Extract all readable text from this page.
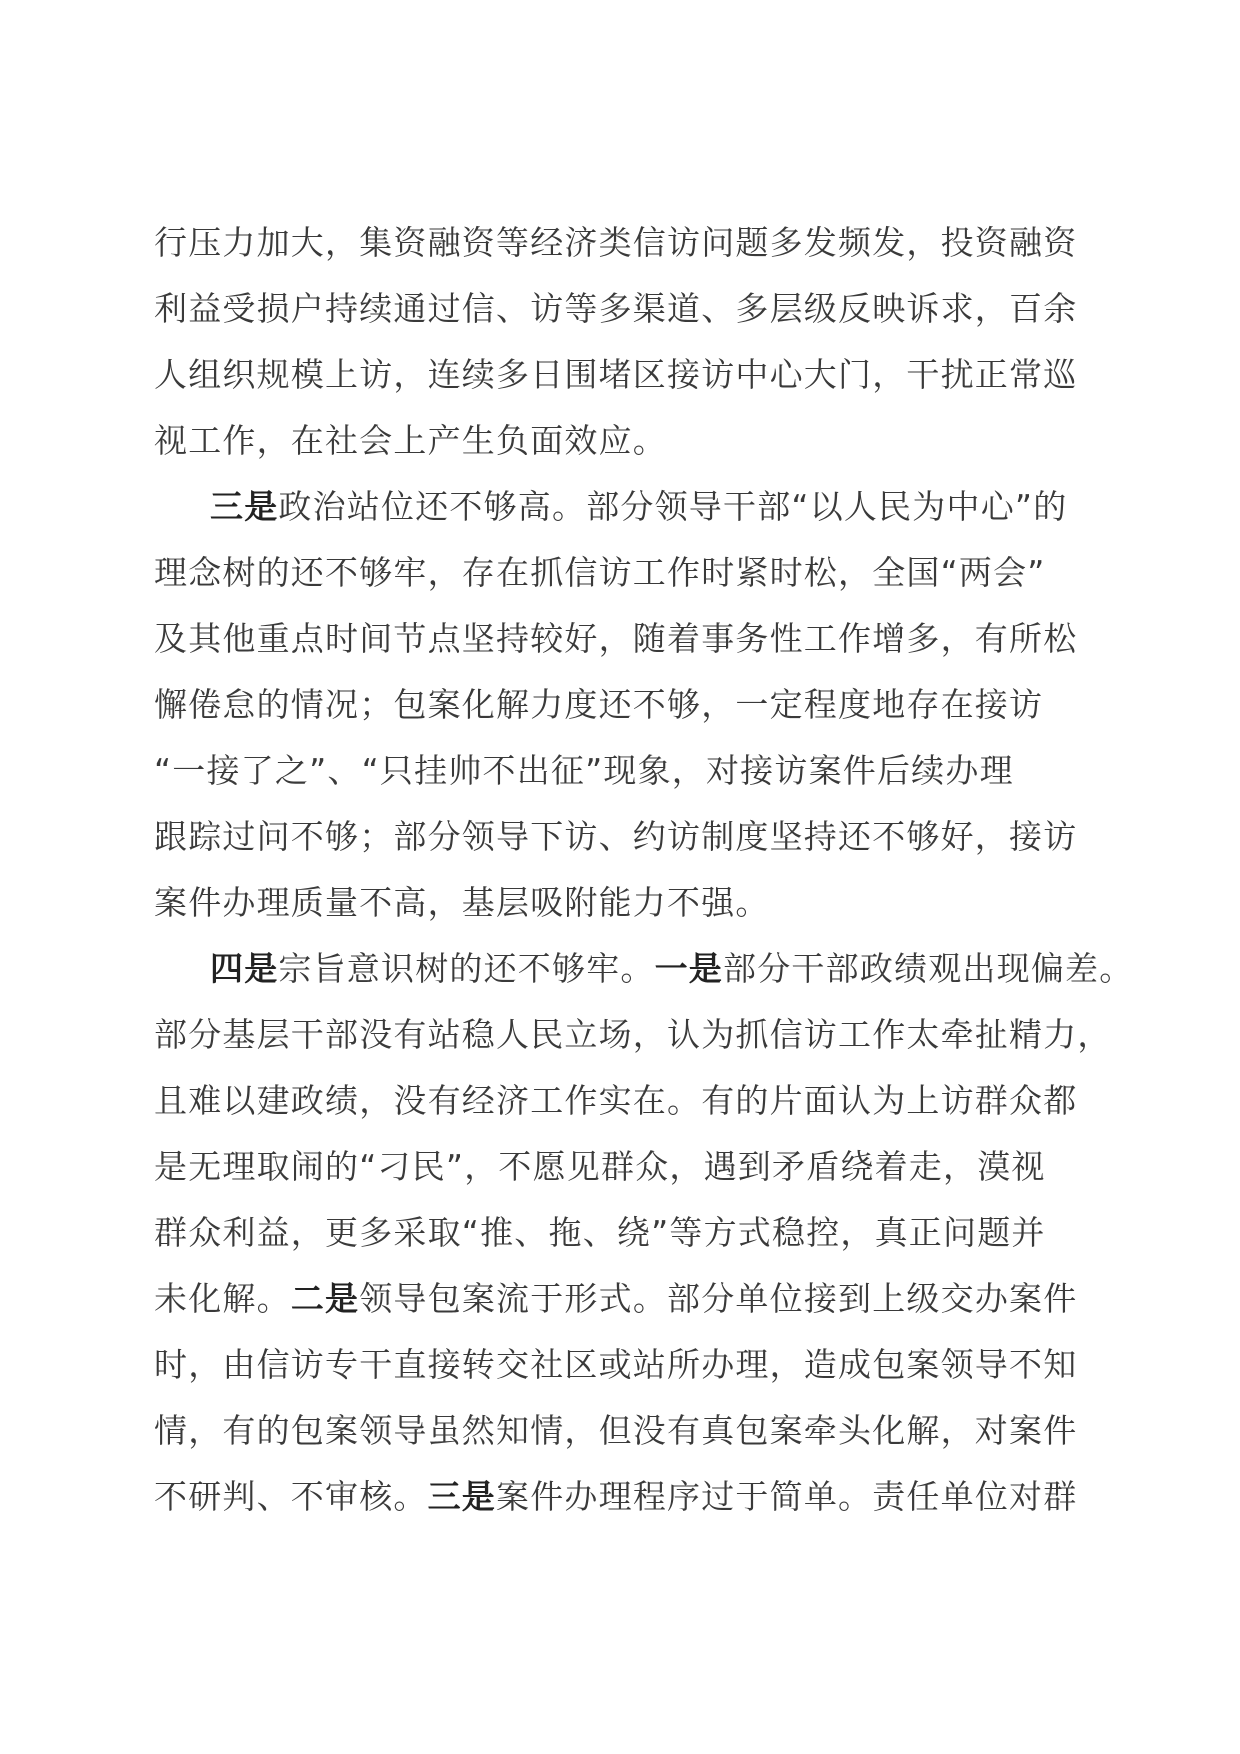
行压力加大，集资融资等经济类信访问题多发频发，投资融资
利益受损户持续通过信、访等多渠道、多层级反映诉求，百余
人组织规模上访，连续多日围堵区接访中心大门，干扰正常巡
视工作，在社会上产生负面效应。
三是政治站位还不够高。部分领导干部“以人民为中心”的
理念树的还不够牢，存在抓信访工作时紧时松，全国“两会”
及其他重点时间节点坚持较好，随着事务性工作增多，有所松
懈倦怠的情况；包案化解力度还不够，一定程度地存在接访
“一接了之”、“只挂帅不出征”现象，对接访案件后续办理
跟踪过问不够；部分领导下访、约访制度坚持还不够好，接访
案件办理质量不高，基层吸附能力不强。
四是宗旨意识树的还不够牢。一是部分干部政绩观出现偏差。
部分基层干部没有站稳人民立场，认为抓信访工作太牵扯精力，
且难以建政绩，没有经济工作实在。有的片面认为上访群众都
是无理取闹的“刁民”，不愿见群众，遇到矛盾绕着走，漠视
群众利益，更多采取“推、拖、绕”等方式稳控，真正问题并
未化解。二是领导包案流于形式。部分单位接到上级交办案件
时，由信访专干直接转交社区或站所办理，造成包案领导不知
情，有的包案领导虽然知情，但没有真包案牵头化解，对案件
不研判、不审核。三是案件办理程序过于简单。责任单位对群
